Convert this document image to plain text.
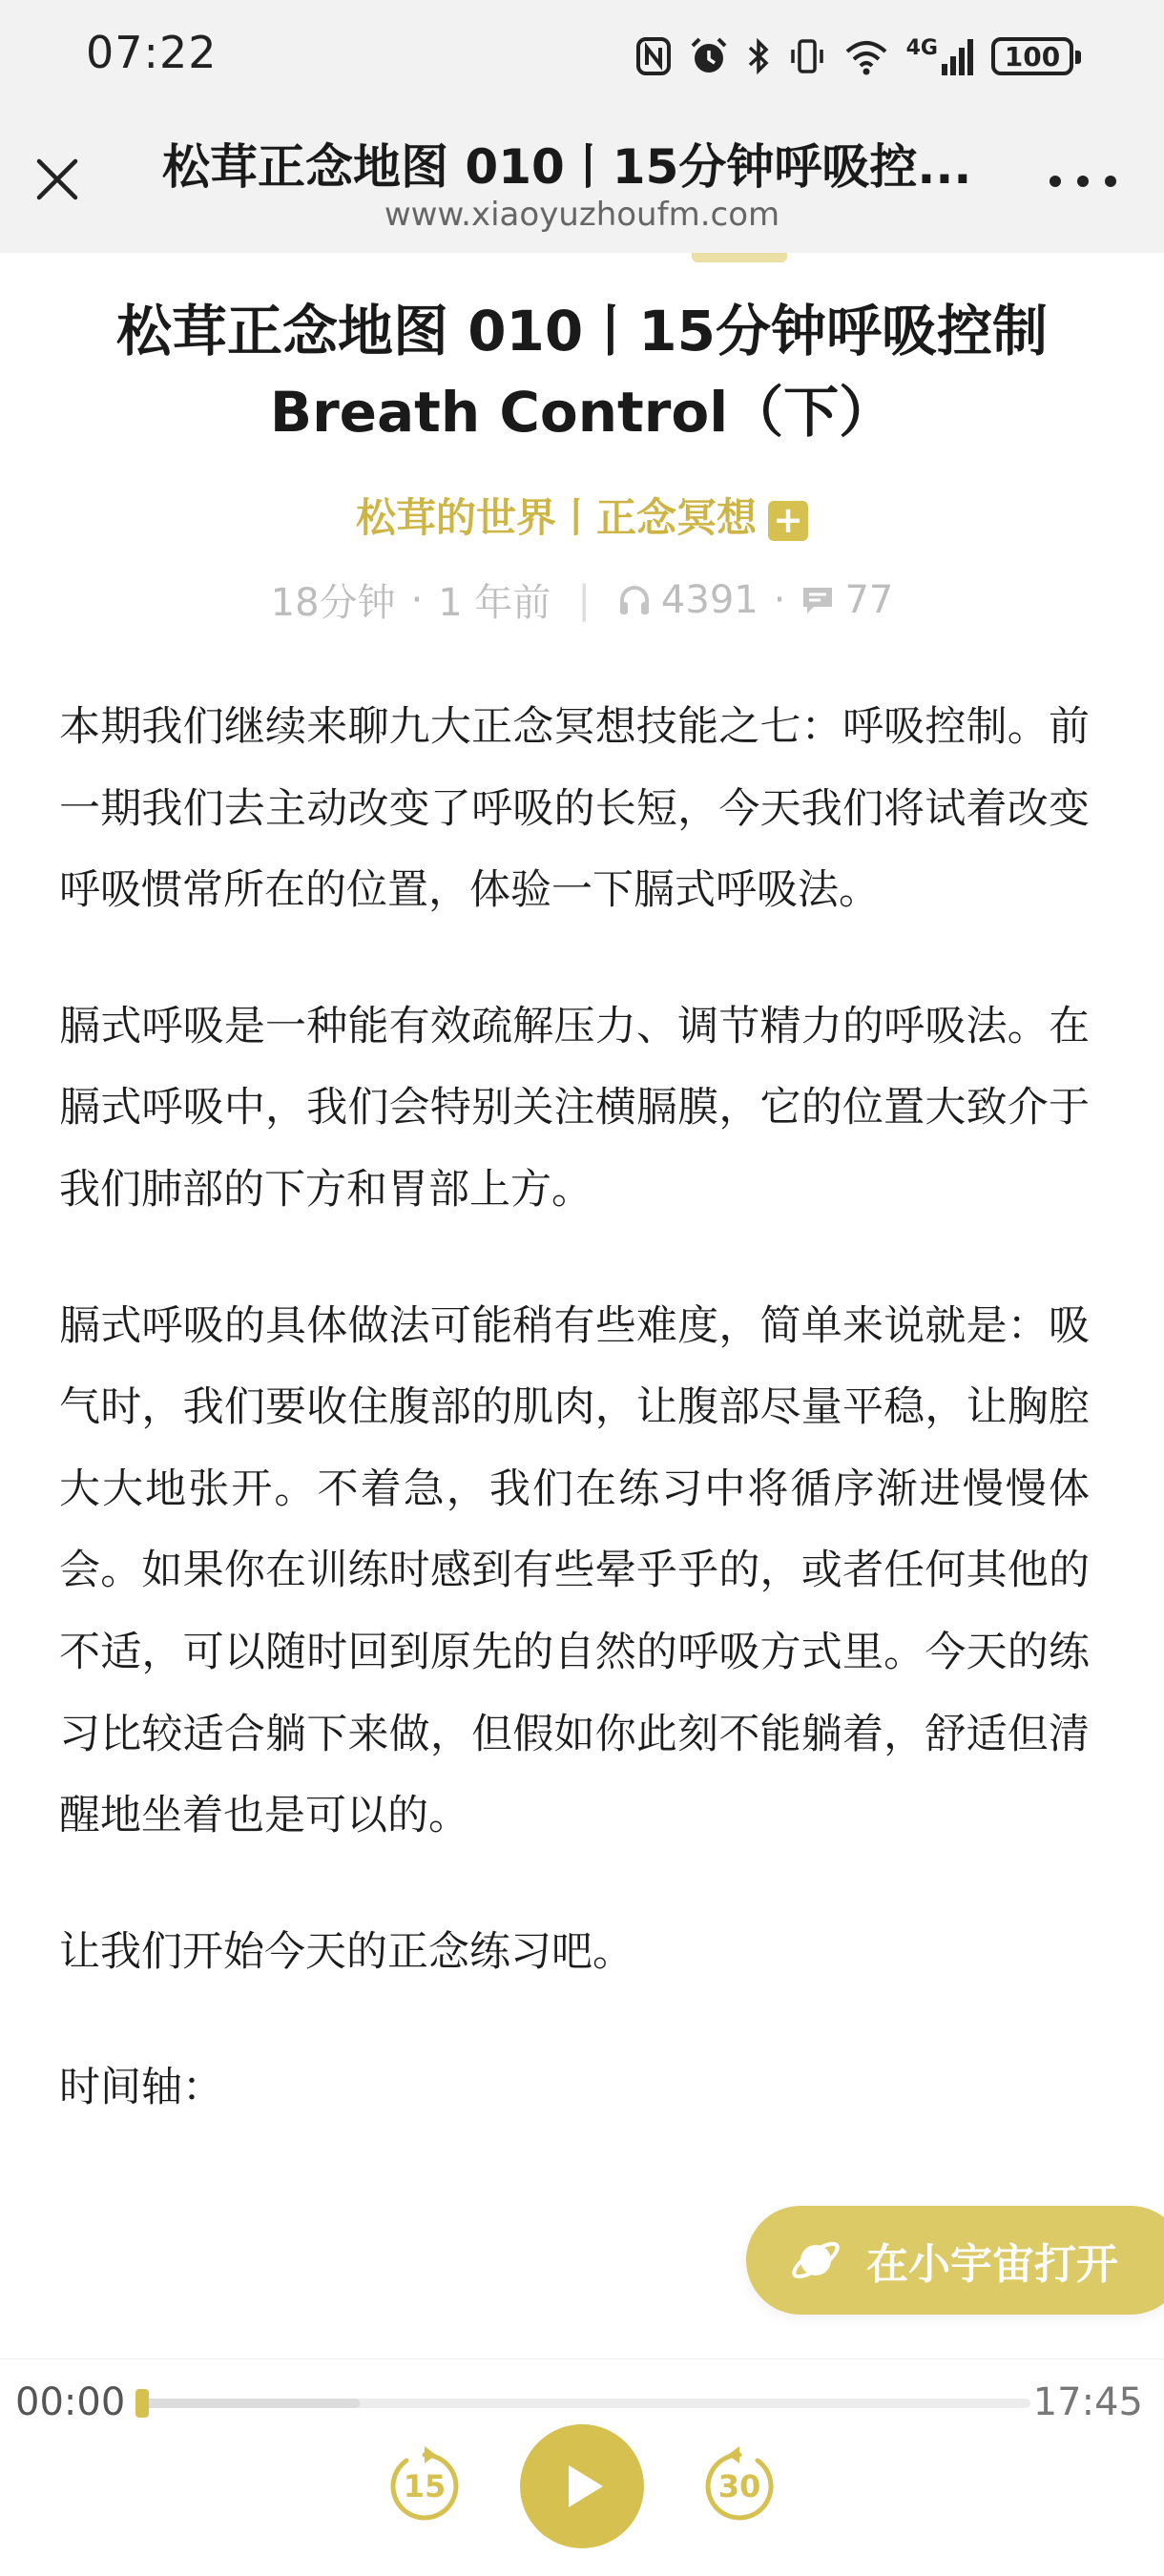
07:22	4G	100
松茸正念地图 010丨15分钟呼吸控...
www.xiaoyuzhoufm.com
松茸正念地图 010丨15分钟呼吸控制
Breath Control（下）
松茸的世界丨正念冥想 +
18分钟 · 1 年前 | 4391 · 77

本期我们继续来聊九大正念冥想技能之七：呼吸控制。前一期我们去主动改变了呼吸的长短，今天我们将试着改变呼吸惯常所在的位置，体验一下膈式呼吸法。

膈式呼吸是一种能有效疏解压力、调节精力的呼吸法。在膈式呼吸中，我们会特别关注横膈膜，它的位置大致介于我们肺部的下方和胃部上方。

膈式呼吸的具体做法可能稍有些难度，简单来说就是：吸气时，我们要收住腹部的肌肉，让腹部尽量平稳，让胸腔大大地张开。不着急，我们在练习中将循序渐进慢慢体会。如果你在训练时感到有些晕乎乎的，或者任何其他的不适，可以随时回到原先的自然的呼吸方式里。今天的练习比较适合躺下来做，但假如你此刻不能躺着，舒适但清醒地坐着也是可以的。

让我们开始今天的正念练习吧。

时间轴：

在小宇宙打开
00:00	17:45
15	30
